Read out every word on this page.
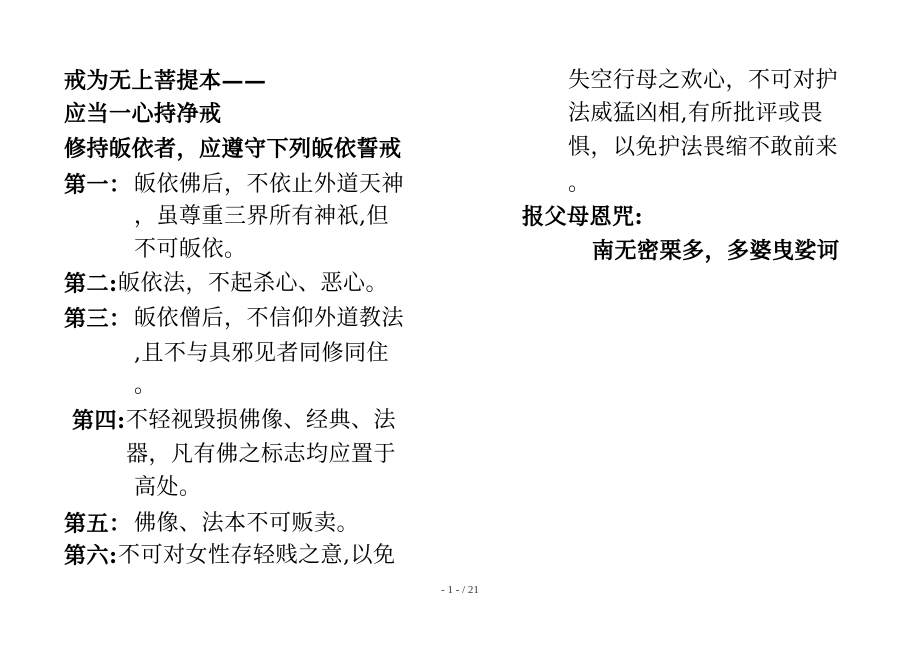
戒为无上菩提本——
应当一心持净戒
修持皈依者，应遵守下列皈依誓戒
第一： 皈依佛后，不依止外道天神
，虽尊重三界所有神祇,但
不可皈依。
第二: 皈依法，不起杀心、恶心。
第三： 皈依僧后，不信仰外道教法
,且不与具邪见者同修同住
。
第四: 不轻视毁损佛像、经典、法
器，凡有佛之标志均应置于
高处。
第五： 佛像、法本不可贩卖。
第六: 不可对女性存轻贱之意,以免
失空行母之欢心，不可对护
法威猛凶相,有所批评或畏
惧，以免护法畏缩不敢前来
。
报父母恩咒:
南无密栗多，多婆曳娑诃
- 1 - / 21
